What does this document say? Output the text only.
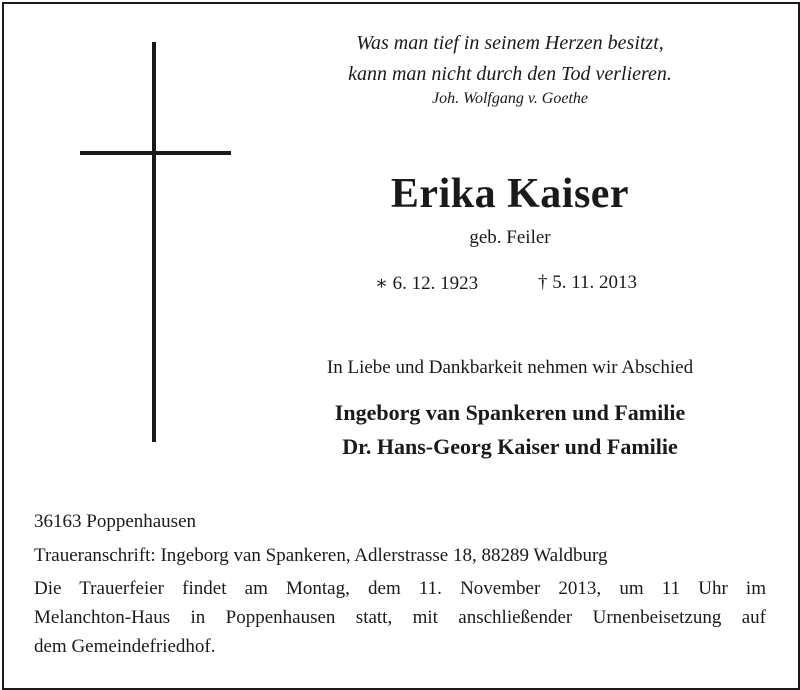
Was man tief in seinem Herzen besitzt,
kann man nicht durch den Tod verlieren.
Joh. Wolfgang v. Goethe
Erika Kaiser
geb. Feiler
∗ 6. 12. 1923	† 5. 11. 2013
In Liebe und Dankbarkeit nehmen wir Abschied
Ingeborg van Spankeren und Familie
Dr. Hans-Georg Kaiser und Familie
36163 Poppenhausen
Traueranschrift: Ingeborg van Spankeren, Adlerstrasse 18, 88289 Waldburg
Die Trauerfeier findet am Montag, dem 11. November 2013, um 11 Uhr im
Melanchton-Haus in Poppenhausen statt, mit anschließender Urnenbeisetzung auf
dem Gemeindefriedhof.
